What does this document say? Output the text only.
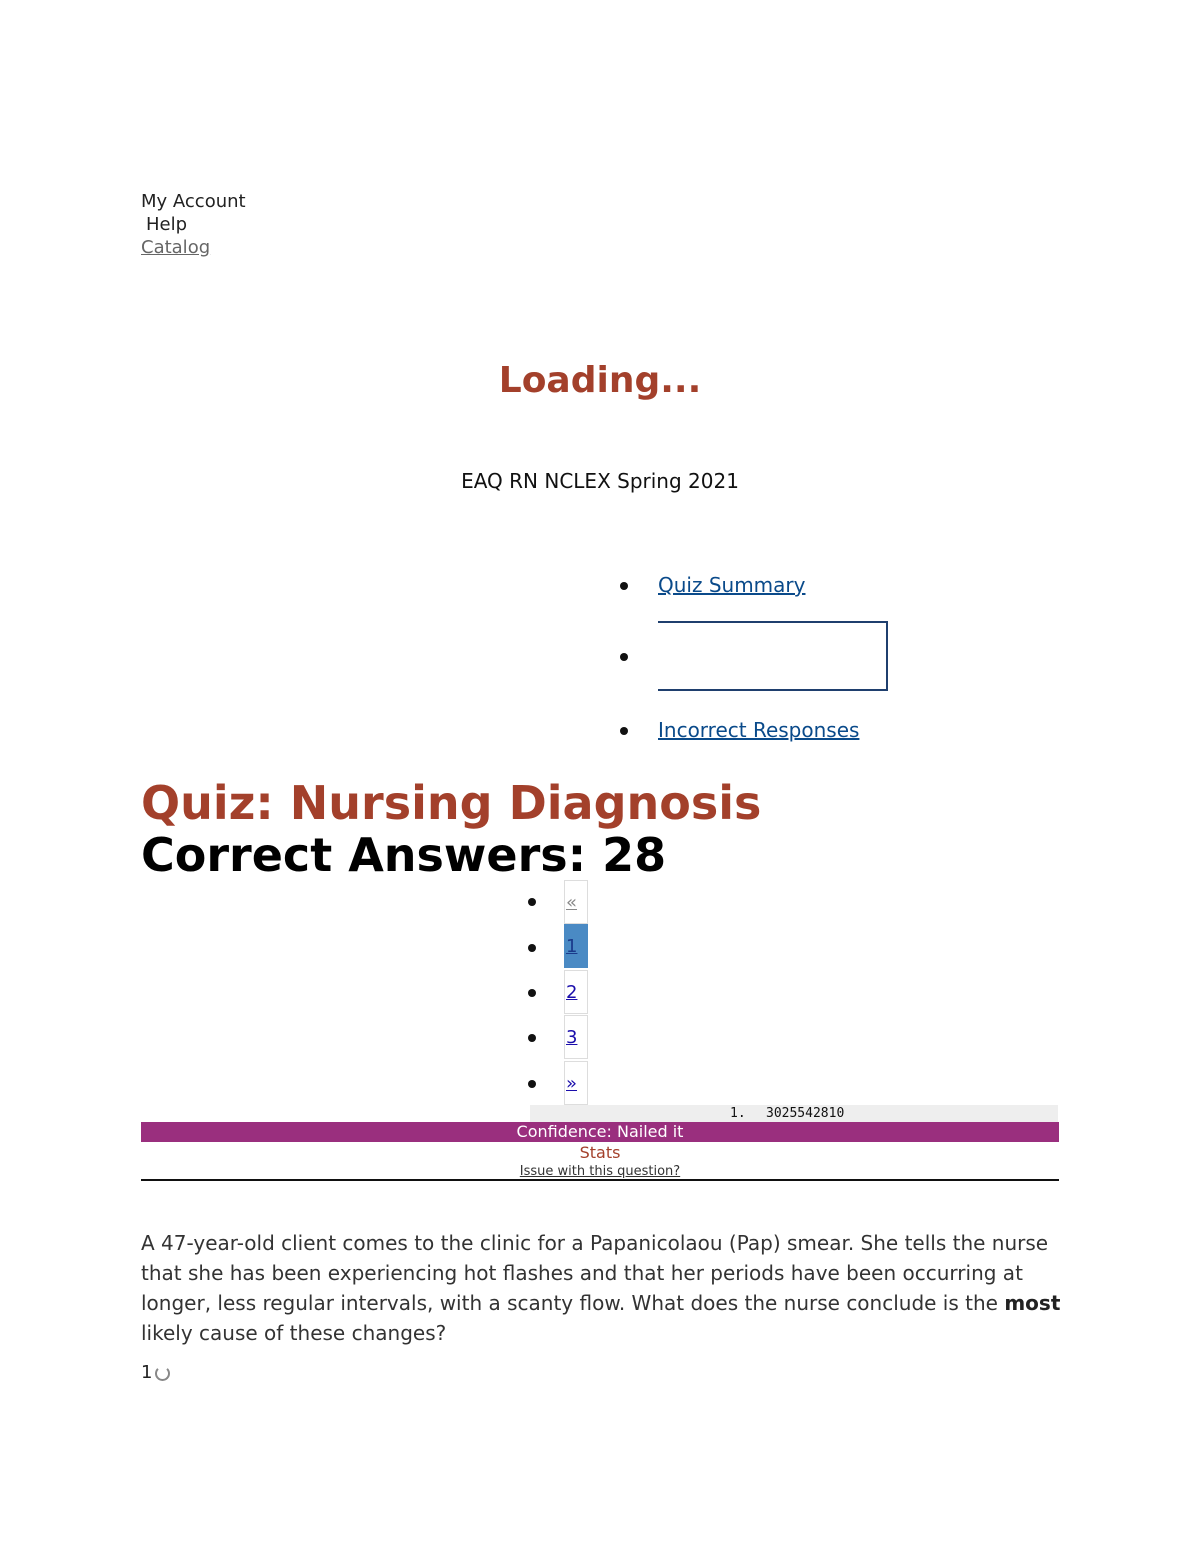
My Account
Help
Catalog
Loading...
EAQ RN NCLEX Spring 2021
Quiz Summary
Incorrect Responses
Quiz: Nursing Diagnosis
Correct Answers: 28
«
1
2
3
»
1. 3025542810
Confidence: Nailed it
Stats
Issue with this question?
A 47-year-old client comes to the clinic for a Papanicolaou (Pap) smear. She tells the nurse that she has been experiencing hot flashes and that her periods have been occurring at longer, less regular intervals, with a scanty flow. What does the nurse conclude is the most likely cause of these changes?
1
